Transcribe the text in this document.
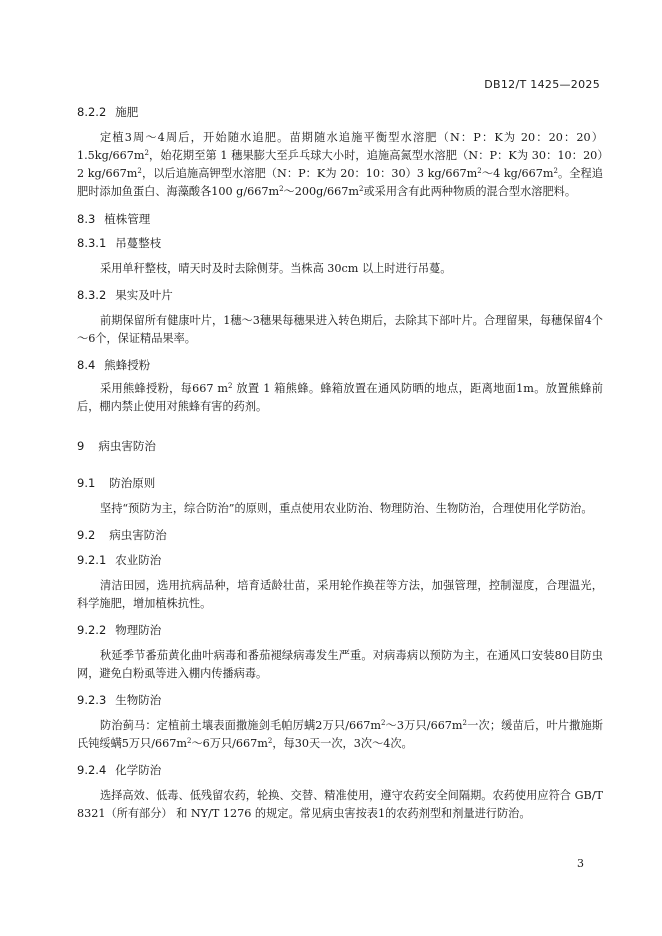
DB12/T 1425—2025
8.2.2 施肥
定植3周～4周后，开始随水追肥。苗期随水追施平衡型水溶肥（N：P：K为 20：20：$20)1.5kg/667m^2$，始花期至第 1 穗果膨大至乒乓球大小时，追施高氮型水溶肥（N：P：K为 30：10：20）2 $kg/667m^2$，以后追施高钾型水溶肥（N：P：K为 20：10：30）3 $kg/667m^2\sim 4$ $kg/667m^2$。全程追肥时添加鱼蛋白、海藻酸各100 $g/667m^2\sim 200g/667m^2$或采用含有此两种物质的混合型水溶肥料。
8.3 植株管理
8.3.1 吊蔓整枝
采用单秆整枝，晴天时及时去除侧芽。当株高 30cm 以上时进行吊蔓。
8.3.2 果实及叶片
前期保留所有健康叶片，1穗～3穗果每穗果进入转色期后，去除其下部叶片。合理留果，每穗保留4个～6个，保证精品果率。
8.4 熊蜂授粉
采用熊蜂授粉，每667 $m^2$ 放置 1 箱熊蜂。蜂箱放置在通风防晒的地点，距离地面1m。放置熊蜂前后，棚内禁止使用对熊蜂有害的药剂。
9 病虫害防治
9.1 防治原则
坚持“预防为主，综合防治”的原则，重点使用农业防治、物理防治、生物防治，合理使用化学防治。
9.2 病虫害防治
9.2.1 农业防治
清洁田园，选用抗病品种，培育适龄壮苗，采用轮作换茬等方法，加强管理，控制湿度，合理温光，科学施肥，增加植株抗性。
9.2.2 物理防治
秋延季节番茄黄化曲叶病毒和番茄褪绿病毒发生严重。对病毒病以预防为主，在通风口安装80目防虫网，避免白粉虱等进入棚内传播病毒。
9.2.3 生物防治
防治蓟马：定植前土壤表面撒施剑毛帕厉螨2万只$/667m^2\sim 3$万只$/667m^2$一次；缓苗后，叶片撒施斯氏钝绥螨5万只$/667m^2\sim 6$万只$/667m^2$，每30天一次，3次～4次。
9.2.4 化学防治
选择高效、低毒、低残留农药，轮换、交替、精准使用，遵守农药安全间隔期。农药使用应符合 GB/T 8321（所有部分） 和 NY/T 1276 的规定。常见病虫害按表1的农药剂型和剂量进行防治。
3
